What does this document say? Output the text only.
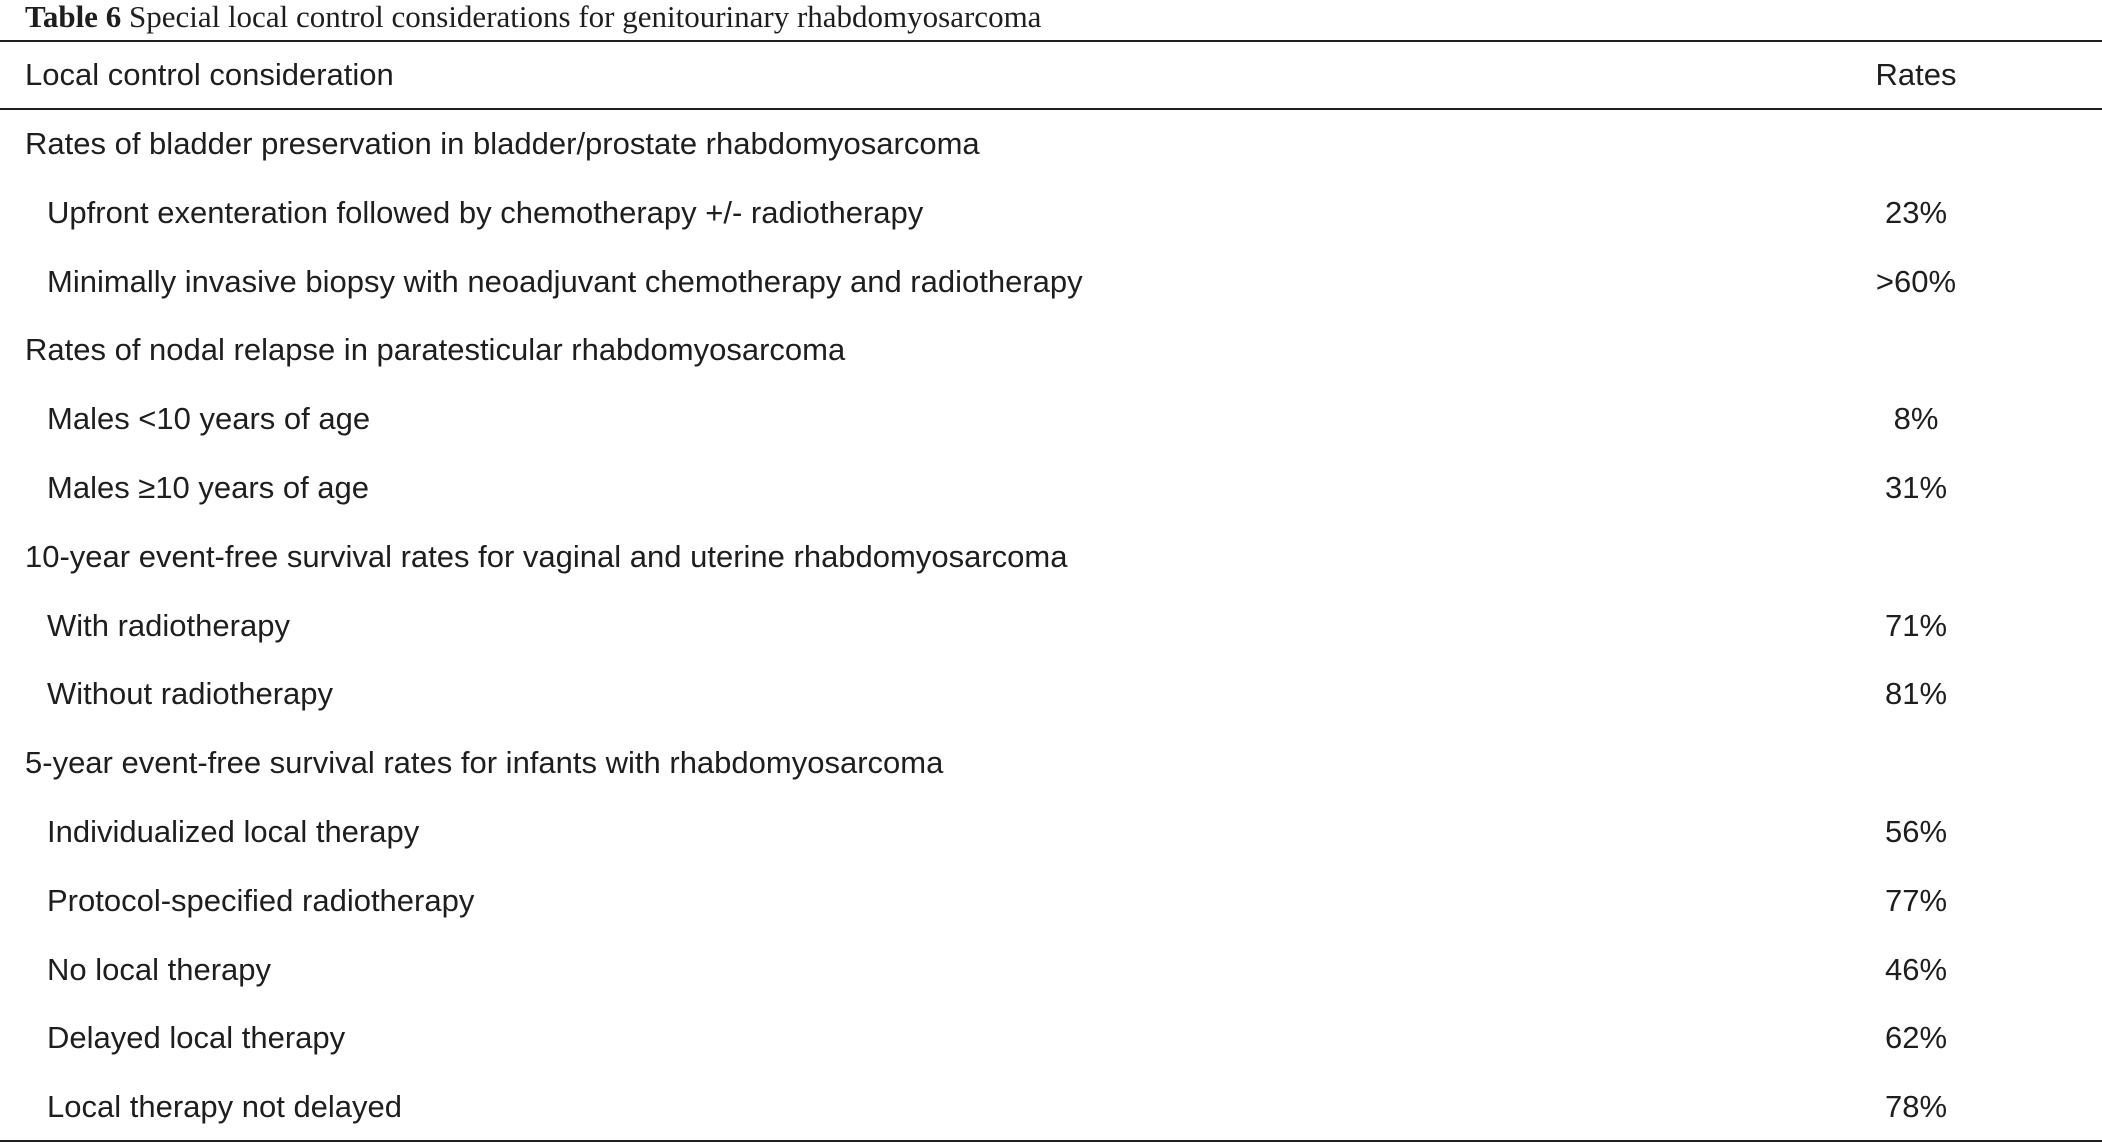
Table 6 Special local control considerations for genitourinary rhabdomyosarcoma
Local control consideration	Rates
Rates of bladder preservation in bladder/prostate rhabdomyosarcoma
Upfront exenteration followed by chemotherapy +/- radiotherapy	23%
Minimally invasive biopsy with neoadjuvant chemotherapy and radiotherapy	>60%
Rates of nodal relapse in paratesticular rhabdomyosarcoma
Males <10 years of age	8%
Males ≥10 years of age	31%
10-year event-free survival rates for vaginal and uterine rhabdomyosarcoma
With radiotherapy	71%
Without radiotherapy	81%
5-year event-free survival rates for infants with rhabdomyosarcoma
Individualized local therapy	56%
Protocol-specified radiotherapy	77%
No local therapy	46%
Delayed local therapy	62%
Local therapy not delayed	78%
